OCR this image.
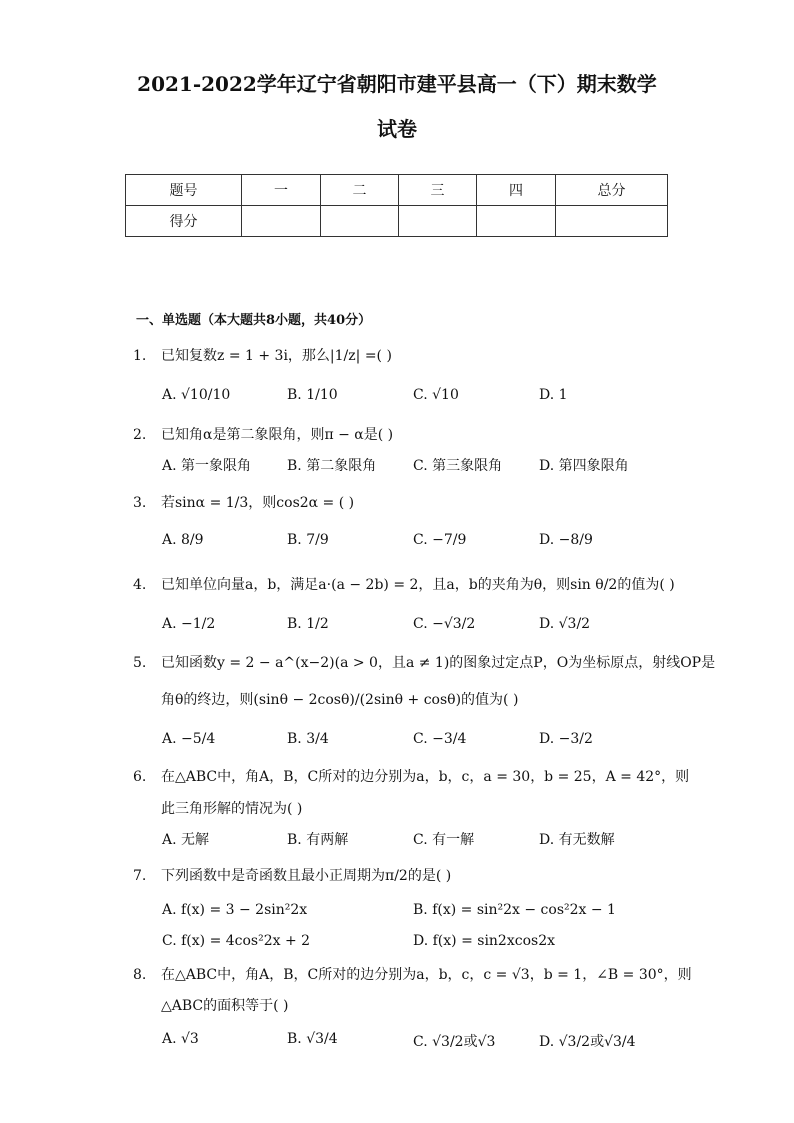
2021-2022学年辽宁省朝阳市建平县高一（下）期末数学
试卷
题号	一	二	三	四	总分
得分					
一、单选题（本大题共8小题，共40分）
1. 已知复数z = 1 + 3i，那么|1/z| =( )
A. √10/10	B. 1/10	C. √10	D. 1
2. 已知角α是第二象限角，则π − α是( )
A. 第一象限角	B. 第二象限角	C. 第三象限角	D. 第四象限角
3. 若sinα = 1/3，则cos2α = ( )
A. 8/9	B. 7/9	C. −7/9	D. −8/9
4. 已知单位向量a，b，满足a·(a − 2b) = 2，且a，b的夹角为θ，则sin θ/2的值为( )
A. −1/2	B. 1/2	C. −√3/2	D. √3/2
5. 已知函数y = 2 − a^(x−2)(a > 0，且a ≠ 1)的图象过定点P，O为坐标原点，射线OP是
角θ的终边，则(sinθ − 2cosθ)/(2sinθ + cosθ)的值为( )
A. −5/4	B. 3/4	C. −3/4	D. −3/2
6. 在△ABC中，角A，B，C所对的边分别为a，b，c，a = 30，b = 25，A = 42°，则
此三角形解的情况为( )
A. 无解	B. 有两解	C. 有一解	D. 有无数解
7. 下列函数中是奇函数且最小正周期为π/2的是( )
A. f(x) = 3 − 2sin²2x	B. f(x) = sin²2x − cos²2x − 1
C. f(x) = 4cos²2x + 2	D. f(x) = sin2xcos2x
8. 在△ABC中，角A，B，C所对的边分别为a，b，c，c = √3，b = 1，∠B = 30°，则
△ABC的面积等于( )
A. √3	B. √3/4	C. √3/2或√3	D. √3/2或√3/4
